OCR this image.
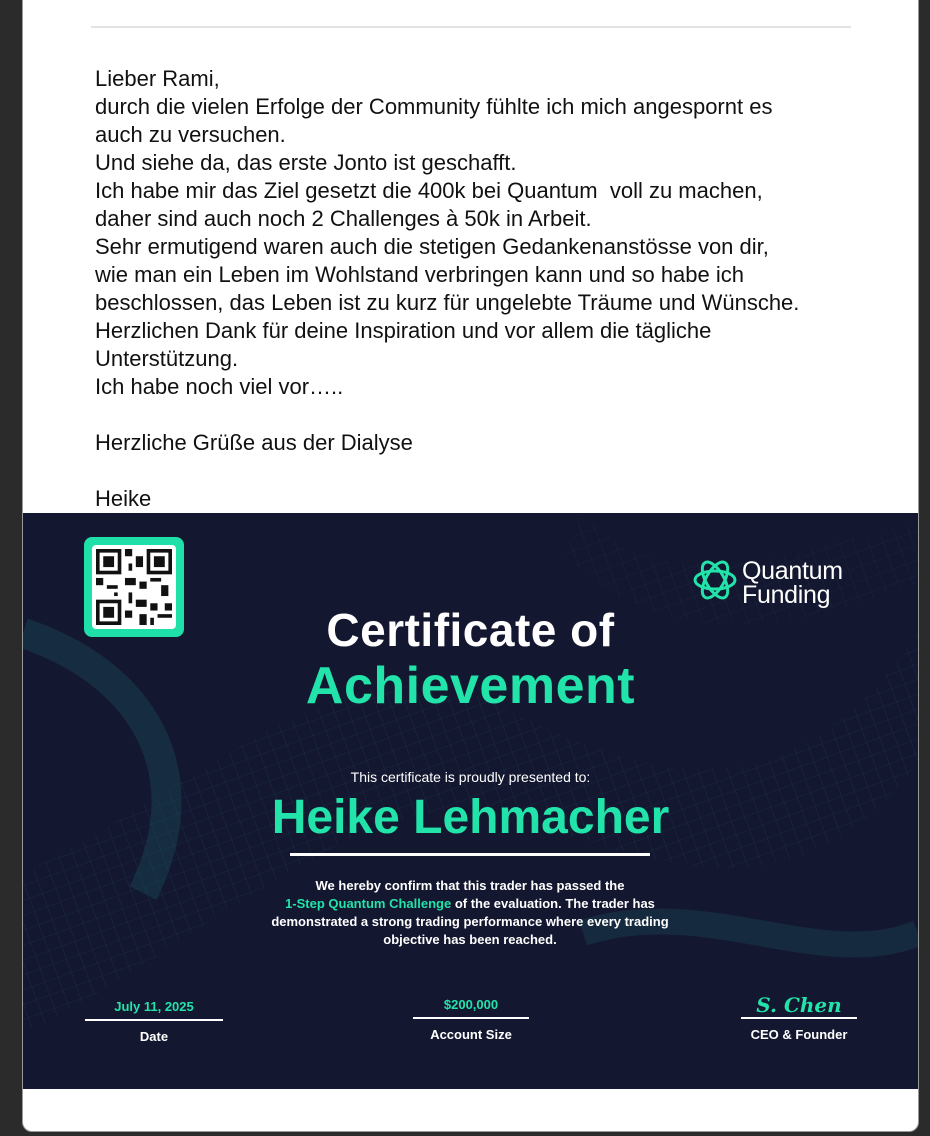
Lieber Rami,

durch die vielen Erfolge der Community fühlte ich mich angespornt es

auch zu versuchen.

Und siehe da, das erste Jonto ist geschafft.

Ich habe mir das Ziel gesetzt die 400k bei Quantum  voll zu machen,

daher sind auch noch 2 Challenges à 50k in Arbeit.

Sehr ermutigend waren auch die stetigen Gedankenanstösse von dir,

wie man ein Leben im Wohlstand verbringen kann und so habe ich

beschlossen, das Leben ist zu kurz für ungelebte Träume und Wünsche.

Herzlichen Dank für deine Inspiration und vor allem die tägliche

Unterstützung.

Ich habe noch viel vor…..

Herzliche Grüße aus der Dialyse

Heike

Quantum
Funding
Certificate of
Achievement
This certificate is proudly presented to:
Heike Lehmacher
We hereby confirm that this trader has passed the
1-Step Quantum Challenge of the evaluation. The trader has demonstrated a strong trading performance where every trading objective has been reached.
July 11, 2025
Date
$200,000
Account Size
S. Chen
CEO & Founder
